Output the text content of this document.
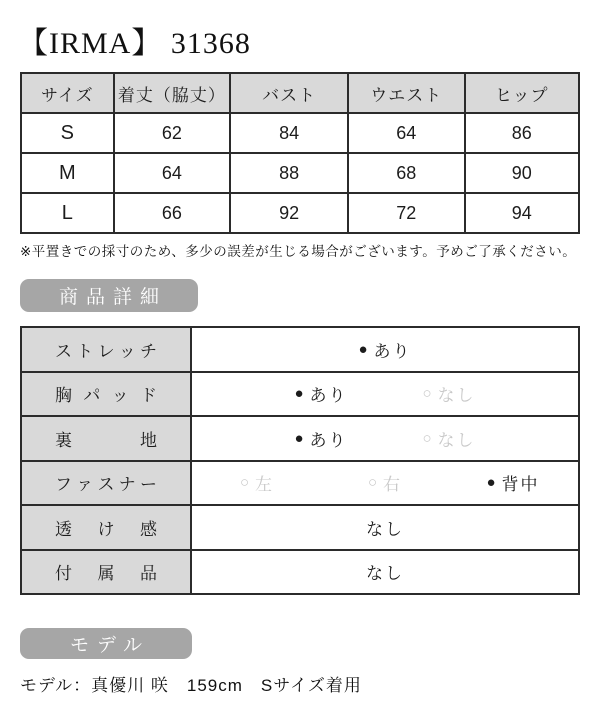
【IRMA】 31368
サイズ	着丈（脇丈）	バスト	ウエスト	ヒップ
S	62	84	64	86
M	64	88	68	90
L	66	92	72	94

※平置きでの採寸のため、多少の誤差が生じる場合がございます。予めご了承ください。

商品詳細
ストレッチ	● あり

胸パッド	● あり ○ なし

裏地	● あり ○ なし

ファスナー	○ 左	○ 右	● 背中

透け感	なし

付属品	なし
モデル

モデル：真優川 咲　159cm　Sサイズ着用
